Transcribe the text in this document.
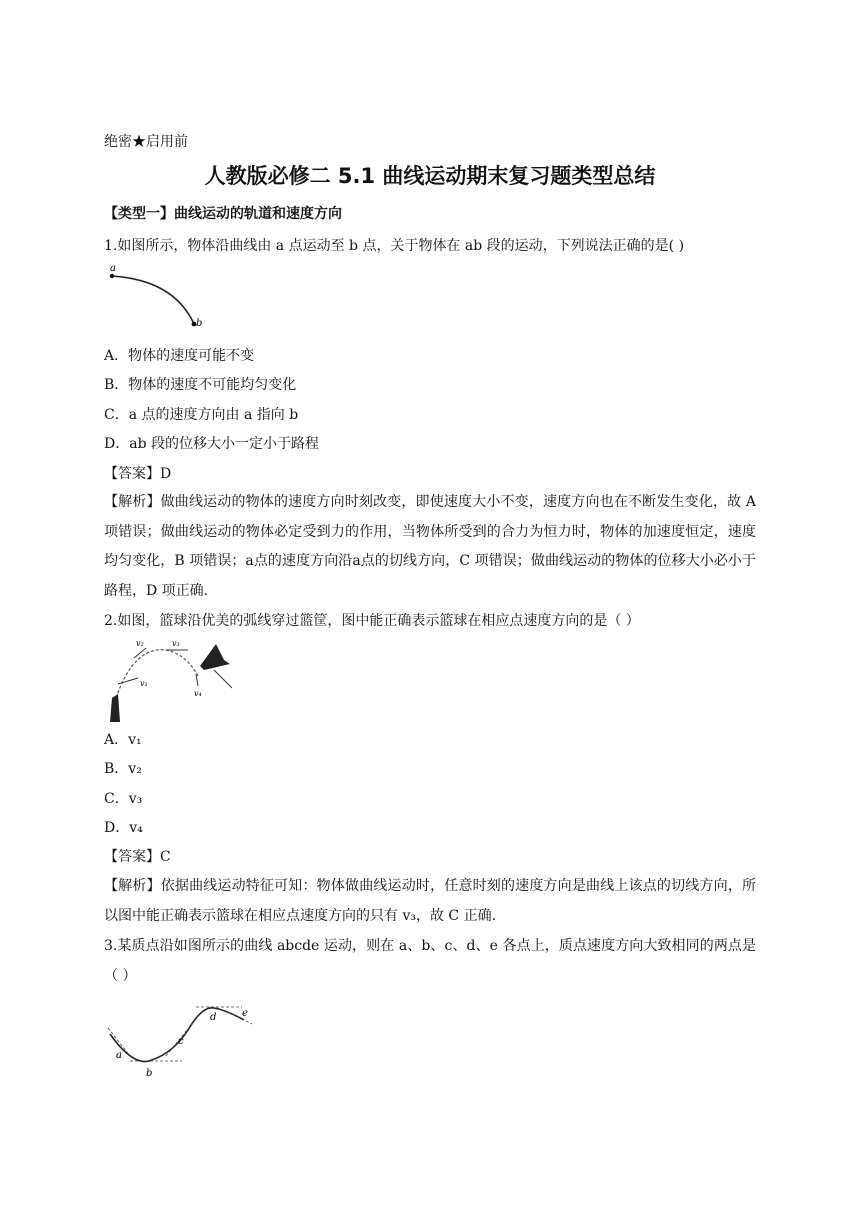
绝密★启用前
人教版必修二 5.1 曲线运动期末复习题类型总结
【类型一】曲线运动的轨道和速度方向
1.如图所示，物体沿曲线由 a 点运动至 b 点，关于物体在 ab 段的运动，下列说法正确的是( )
a
b
A．物体的速度可能不变
B．物体的速度不可能均匀变化
C．a 点的速度方向由 a 指向 b
D．ab 段的位移大小一定小于路程
【答案】D
【解析】做曲线运动的物体的速度方向时刻改变，即使速度大小不变，速度方向也在不断发生变化，故 A 项错误；做曲线运动的物体必定受到力的作用，当物体所受到的合力为恒力时，物体的加速度恒定，速度均匀变化，B 项错误；a点的速度方向沿a点的切线方向，C 项错误；做曲线运动的物体的位移大小必小于路程，D 项正确.
2.如图，篮球沿优美的弧线穿过篮筐，图中能正确表示篮球在相应点速度方向的是（ ）
v₁
v₂	v₃
v₄
A．v₁
B．v₂
C．v₃
D．v₄
【答案】C
【解析】依据曲线运动特征可知：物体做曲线运动时，任意时刻的速度方向是曲线上该点的切线方向，所以图中能正确表示篮球在相应点速度方向的只有 v₃，故 C 正确.
3.某质点沿如图所示的曲线 abcde 运动，则在 a、b、c、d、e 各点上，质点速度方向大致相同的两点是（ ）
a
b
c
d	e
